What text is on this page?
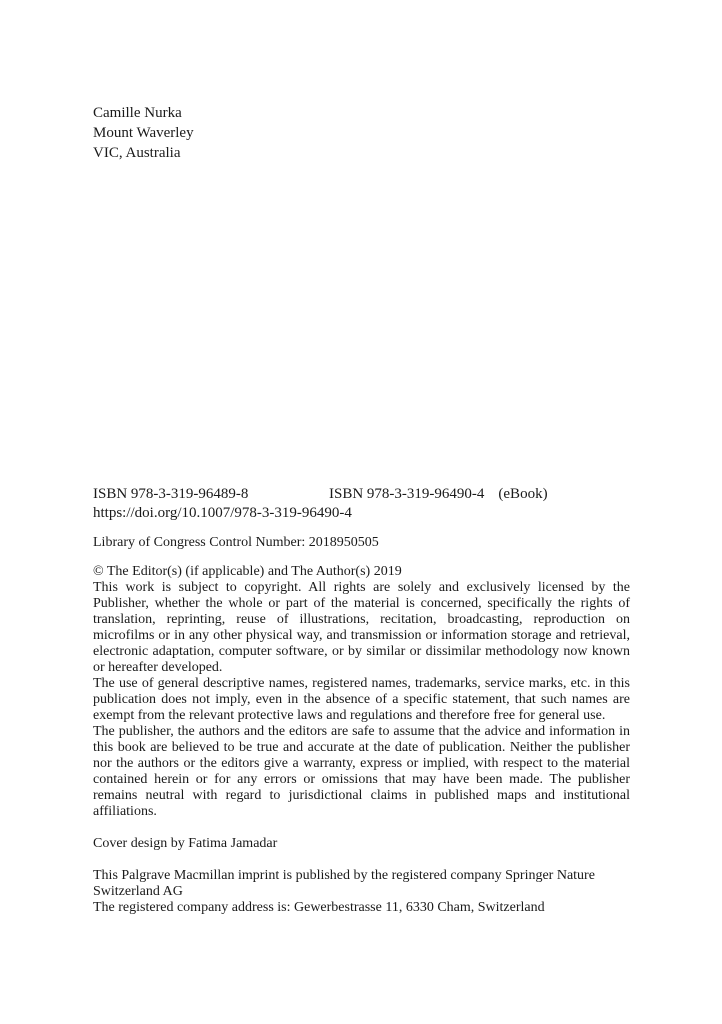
Camille Nurka
Mount Waverley
VIC, Australia
ISBN 978-3-319-96489-8	ISBN 978-3-319-96490-4 (eBook)
https://doi.org/10.1007/978-3-319-96490-4
Library of Congress Control Number: 2018950505
© The Editor(s) (if applicable) and The Author(s) 2019
This work is subject to copyright. All rights are solely and exclusively licensed by the Publisher, whether the whole or part of the material is concerned, specifically the rights of translation, reprinting, reuse of illustrations, recitation, broadcasting, reproduction on microfilms or in any other physical way, and transmission or information storage and retrieval, electronic adaptation, computer software, or by similar or dissimilar methodology now known or hereafter developed.
The use of general descriptive names, registered names, trademarks, service marks, etc. in this publication does not imply, even in the absence of a specific statement, that such names are exempt from the relevant protective laws and regulations and therefore free for general use.
The publisher, the authors and the editors are safe to assume that the advice and information in this book are believed to be true and accurate at the date of publication. Neither the publisher nor the authors or the editors give a warranty, express or implied, with respect to the material contained herein or for any errors or omissions that may have been made. The publisher remains neutral with regard to jurisdictional claims in published maps and institutional affiliations.
Cover design by Fatima Jamadar
This Palgrave Macmillan imprint is published by the registered company Springer Nature
Switzerland AG
The registered company address is: Gewerbestrasse 11, 6330 Cham, Switzerland
